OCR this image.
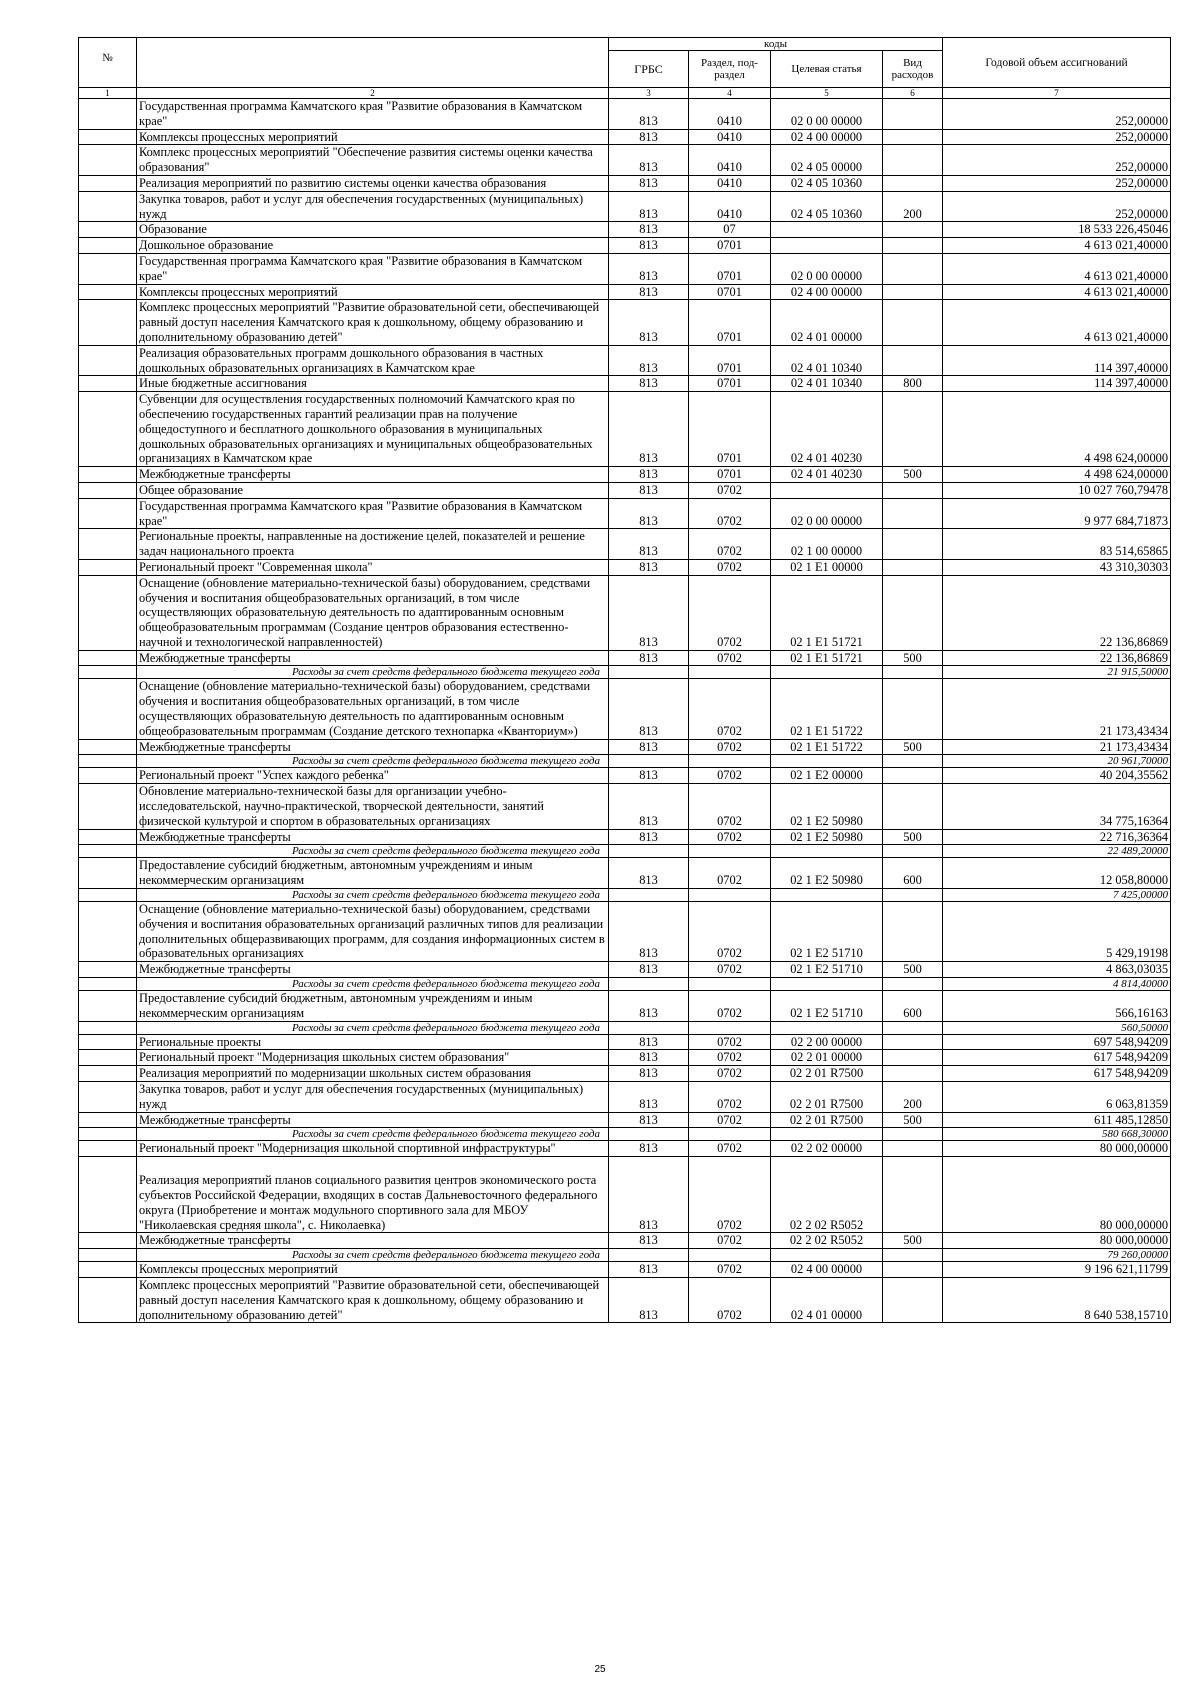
№		коды				Годовой объем ассигнований
		ГРБС	Раздел, под-раздел	Целевая статья	Вид расходов	
1	2	3	4	5	6	7
	Государственная программа Камчатского края "Развитие образования в Камчатском крае"	813	0410	02 0 00 00000		252,00000
	Комплексы процессных мероприятий	813	0410	02 4 00 00000		252,00000
	Комплекс процессных мероприятий "Обеспечение развития системы оценки качества образования"	813	0410	02 4 05 00000		252,00000
	Реализация мероприятий по развитию системы оценки качества образования	813	0410	02 4 05 10360		252,00000
	Закупка товаров, работ и услуг для обеспечения государственных (муниципальных) нужд	813	0410	02 4 05 10360	200	252,00000
	Образование	813	07			18 533 226,45046
	Дошкольное образование	813	0701			4 613 021,40000
	Государственная программа Камчатского края "Развитие образования в Камчатском крае"	813	0701	02 0 00 00000		4 613 021,40000
	Комплексы процессных мероприятий	813	0701	02 4 00 00000		4 613 021,40000
	Комплекс процессных мероприятий "Развитие образовательной сети, обеспечивающей равный доступ населения Камчатского края к дошкольному, общему образованию и дополнительному образованию детей"	813	0701	02 4 01 00000		4 613 021,40000
	Реализация образовательных программ дошкольного образования в частных дошкольных образовательных организациях в Камчатском крае	813	0701	02 4 01 10340		114 397,40000
	Иные бюджетные ассигнования	813	0701	02 4 01 10340	800	114 397,40000
	Субвенции для осуществления государственных полномочий Камчатского края по обеспечению государственных гарантий реализации прав на получение общедоступного и бесплатного дошкольного образования в муниципальных дошкольных образовательных организациях и муниципальных общеобразовательных организациях в Камчатском крае	813	0701	02 4 01 40230		4 498 624,00000
	Межбюджетные трансферты	813	0701	02 4 01 40230	500	4 498 624,00000
	Общее образование	813	0702			10 027 760,79478
	Государственная программа Камчатского края "Развитие образования в Камчатском крае"	813	0702	02 0 00 00000		9 977 684,71873
	Региональные проекты, направленные на достижение целей, показателей и решение задач национального проекта	813	0702	02 1 00 00000		83 514,65865
	Региональный проект "Современная школа"	813	0702	02 1 Е1 00000		43 310,30303
	Оснащение (обновление материально-технической базы) оборудованием, средствами обучения и воспитания общеобразовательных организаций, в том числе осуществляющих образовательную деятельность по адаптированным основным общеобразовательным программам (Создание центров образования естественно-научной и технологической направленностей)	813	0702	02 1 Е1 51721		22 136,86869
	Межбюджетные трансферты	813	0702	02 1 Е1 51721	500	22 136,86869
	Расходы за счет средств федерального бюджета текущего года					21 915,50000
	Оснащение (обновление материально-технической базы) оборудованием, средствами обучения и воспитания общеобразовательных организаций, в том числе осуществляющих образовательную деятельность по адаптированным основным общеобразовательным программам (Создание детского технопарка «Кванториум»)	813	0702	02 1 Е1 51722		21 173,43434
	Межбюджетные трансферты	813	0702	02 1 Е1 51722	500	21 173,43434
	Расходы за счет средств федерального бюджета текущего года					20 961,70000
	Региональный проект "Успех каждого ребенка"	813	0702	02 1 Е2 00000		40 204,35562
	Обновление материально-технической базы для организации учебно-исследовательской, научно-практической, творческой деятельности, занятий физической культурой и спортом в образовательных организациях	813	0702	02 1 Е2 50980		34 775,16364
	Межбюджетные трансферты	813	0702	02 1 Е2 50980	500	22 716,36364
	Расходы за счет средств федерального бюджета текущего года					22 489,20000
	Предоставление субсидий бюджетным, автономным учреждениям и иным некоммерческим организациям	813	0702	02 1 Е2 50980	600	12 058,80000
	Расходы за счет средств федерального бюджета текущего года					7 425,00000
	Оснащение (обновление материально-технической базы) оборудованием, средствами обучения и воспитания образовательных организаций различных типов для реализации дополнительных общеразвивающих программ, для создания информационных систем в образовательных организациях	813	0702	02 1 Е2 51710		5 429,19198
	Межбюджетные трансферты	813	0702	02 1 Е2 51710	500	4 863,03035
	Расходы за счет средств федерального бюджета текущего года					4 814,40000
	Предоставление субсидий бюджетным, автономным учреждениям и иным некоммерческим организациям	813	0702	02 1 Е2 51710	600	566,16163
	Расходы за счет средств федерального бюджета текущего года					560,50000
	Региональные проекты	813	0702	02 2 00 00000		697 548,94209
	Региональный проект "Модернизация школьных систем образования"	813	0702	02 2 01 00000		617 548,94209
	Реализация мероприятий по модернизации школьных систем образования	813	0702	02 2 01 R7500		617 548,94209
	Закупка товаров, работ и услуг для обеспечения государственных (муниципальных) нужд	813	0702	02 2 01 R7500	200	6 063,81359
	Межбюджетные трансферты	813	0702	02 2 01 R7500	500	611 485,12850
	Расходы за счет средств федерального бюджета текущего года					580 668,30000
	Региональный проект "Модернизация школьной спортивной инфраструктуры"	813	0702	02 2 02 00000		80 000,00000
	Реализация мероприятий планов социального развития центров экономического роста субъектов Российской Федерации, входящих в состав Дальневосточного федерального округа (Приобретение и монтаж модульного спортивного зала для МБОУ "Николаевская средняя школа", с. Николаевка)	813	0702	02 2 02 R5052		80 000,00000
	Межбюджетные трансферты	813	0702	02 2 02 R5052	500	80 000,00000
	Расходы за счет средств федерального бюджета текущего года					79 260,00000
	Комплексы процессных мероприятий	813	0702	02 4 00 00000		9 196 621,11799
	Комплекс процессных мероприятий "Развитие образовательной сети, обеспечивающей равный доступ населения Камчатского края к дошкольному, общему образованию и дополнительному образованию детей"	813	0702	02 4 01 00000		8 640 538,15710
25
